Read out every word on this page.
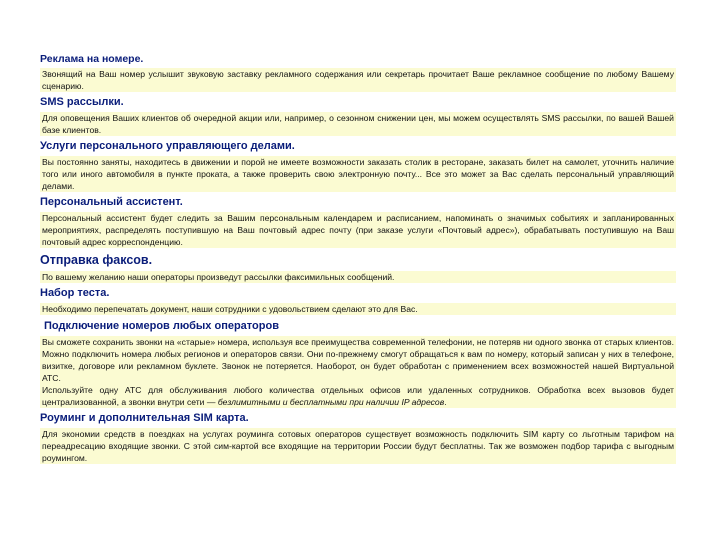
Реклама на номере.
Звонящий на Ваш номер услышит звуковую заставку рекламного содержания или секретарь прочитает Ваше рекламное сообщение по любому Вашему сценарию.
SMS рассылки.
Для оповещения Ваших клиентов об очередной акции или, например, о сезонном снижении цен, мы можем осуществлять SMS рассылки, по вашей Вашей базе клиентов.
Услуги персонального управляющего делами.
Вы постоянно заняты, находитесь в движении и порой не имеете возможности заказать столик в ресторане, заказать билет на самолет, уточнить наличие того или иного автомобиля в пункте проката, а также проверить свою электронную почту... Все это может за Вас сделать персональный управляющий делами.
Персональный ассистент.
Персональный ассистент будет следить за Вашим персональным календарем и расписанием, напоминать о значимых событиях и запланированных мероприятиях, распределять поступившую на Ваш почтовый адрес почту (при заказе услуги «Почтовый адрес»), обрабатывать поступившую на Ваш почтовый адрес корреспонденцию.
Отправка факсов.
По вашему желанию наши операторы произведут рассылки факсимильных сообщений.
Набор теста.
Необходимо перепечатать документ, наши сотрудники с удовольствием сделают это для Вас.
Подключение номеров любых операторов
Вы сможете сохранить звонки на «старые» номера, используя все преимущества современной телефонии, не потеряв ни одного звонка от старых клиентов. Можно подключить номера любых регионов и операторов связи. Они по-прежнему смогут обращаться к вам по номеру, который записан у них в телефоне, визитке, договоре или рекламном буклете. Звонок не потеряется. Наоборот, он будет обработан с применением всех возможностей нашей Виртуальной АТС.
Используйте одну АТС для обслуживания любого количества отдельных офисов или удаленных сотрудников. Обработка всех вызовов будет централизованной, а звонки внутри сети — безлимитными и бесплатными при наличии IP адресов.
Роуминг и дополнительная SIM карта.
Для экономии средств в поездках на услугах роуминга сотовых операторов существует возможность подключить SIM карту со льготным тарифом на переадресацию входящие звонки. С этой сим-картой все входящие на территории России будут бесплатны. Так же возможен подбор тарифа с выгодным роумингом.
